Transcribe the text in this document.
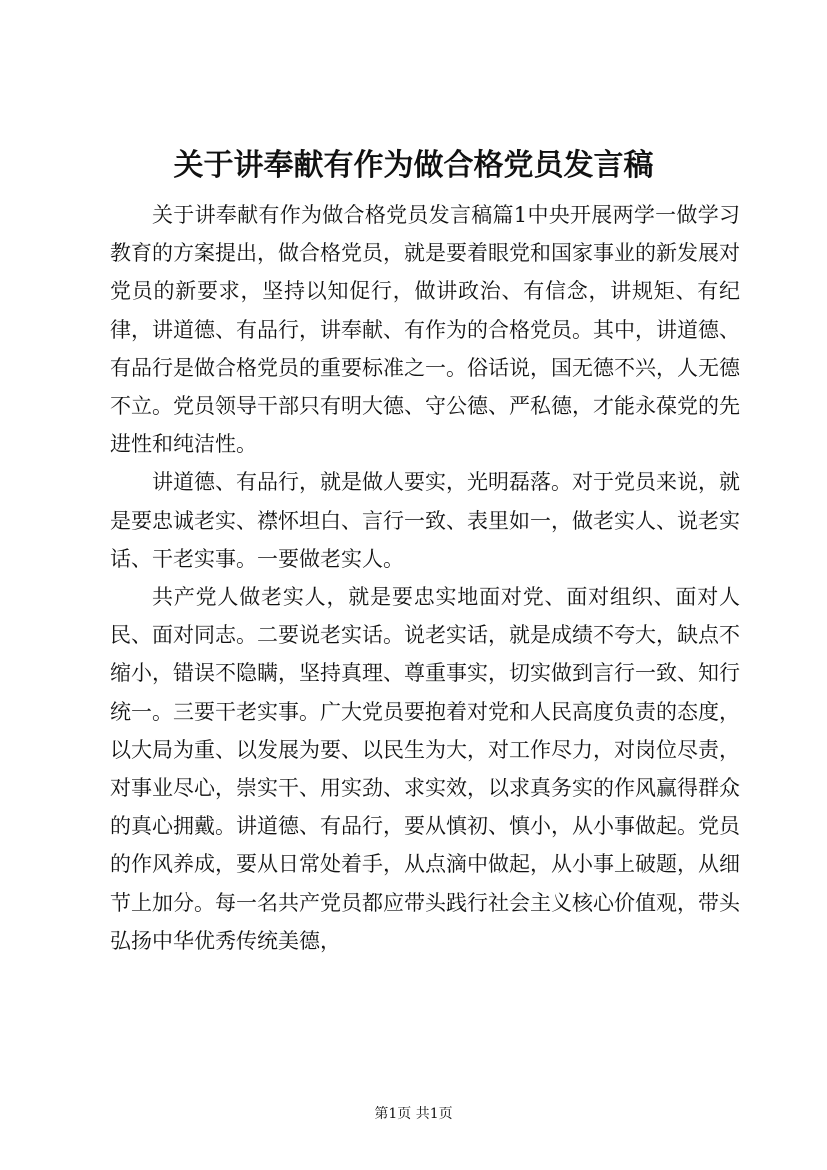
关于讲奉献有作为做合格党员发言稿

关于讲奉献有作为做合格党员发言稿篇1中央开展两学一做学习教育的方案提出，做合格党员，就是要着眼党和国家事业的新发展对党员的新要求，坚持以知促行，做讲政治、有信念，讲规矩、有纪律，讲道德、有品行，讲奉献、有作为的合格党员。其中，讲道德、有品行是做合格党员的重要标准之一。俗话说，国无德不兴，人无德不立。党员领导干部只有明大德、守公德、严私德，才能永葆党的先进性和纯洁性。

讲道德、有品行，就是做人要实，光明磊落。对于党员来说，就是要忠诚老实、襟怀坦白、言行一致、表里如一，做老实人、说老实话、干老实事。一要做老实人。

共产党人做老实人，就是要忠实地面对党、面对组织、面对人民、面对同志。二要说老实话。说老实话，就是成绩不夸大，缺点不缩小，错误不隐瞒，坚持真理、尊重事实，切实做到言行一致、知行统一。三要干老实事。广大党员要抱着对党和人民高度负责的态度，以大局为重、以发展为要、以民生为大，对工作尽力，对岗位尽责，对事业尽心，崇实干、用实劲、求实效，以求真务实的作风赢得群众的真心拥戴。讲道德、有品行，要从慎初、慎小，从小事做起。党员的作风养成，要从日常处着手，从点滴中做起，从小事上破题，从细节上加分。每一名共产党员都应带头践行社会主义核心价值观，带头弘扬中华优秀传统美德，

第1页 共1页
